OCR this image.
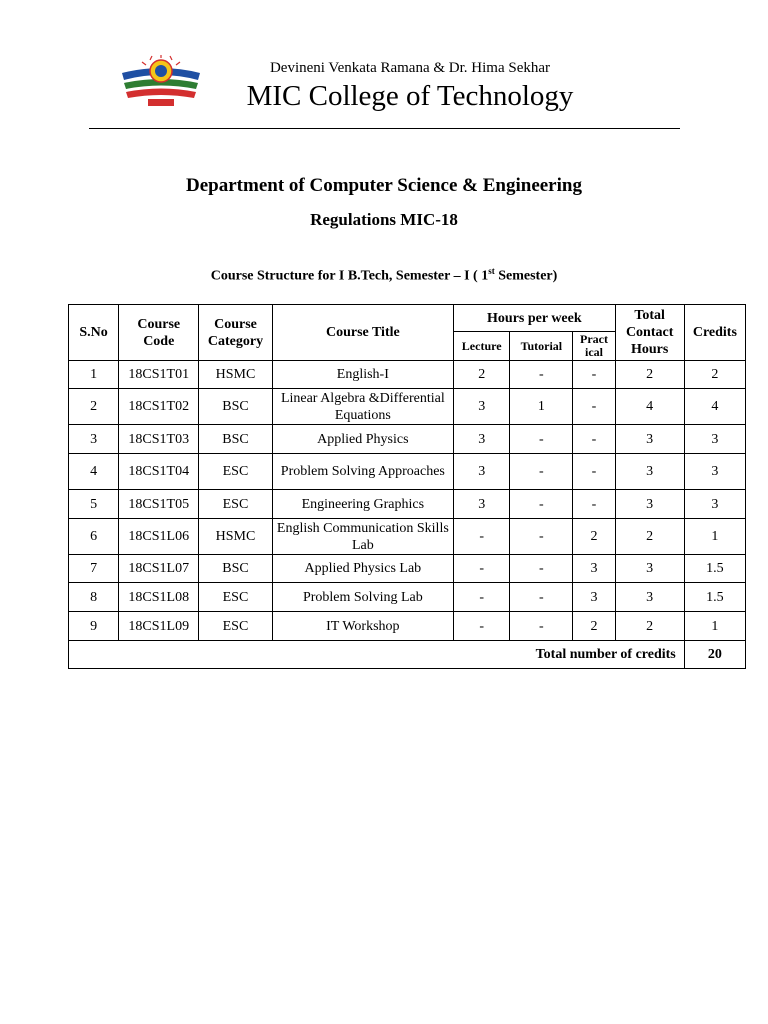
Devineni Venkata Ramana & Dr. Hima Sekhar
MIC College of Technology
Department of Computer Science & Engineering
Regulations MIC-18
Course Structure for I B.Tech, Semester – I ( 1st Semester)
S.No	Course Code	Course Category	Course Title	Hours per week			Total Contact Hours	Credits
				Lecture	Tutorial	Pract
ical		
1	18CS1T01	HSMC	English-I	2	-	-	2	2
2	18CS1T02	BSC	Linear Algebra &Differential Equations	3	1	-	4	4
3	18CS1T03	BSC	Applied Physics	3	-	-	3	3
4	18CS1T04	ESC	Problem Solving Approaches	3	-	-	3	3
5	18CS1T05	ESC	Engineering Graphics	3	-	-	3	3
6	18CS1L06	HSMC	English Communication Skills Lab	-	-	2	2	1
7	18CS1L07	BSC	Applied Physics Lab	-	-	3	3	1.5
8	18CS1L08	ESC	Problem Solving Lab	-	-	3	3	1.5
9	18CS1L09	ESC	IT Workshop	-	-	2	2	1
Total number of credits								20
